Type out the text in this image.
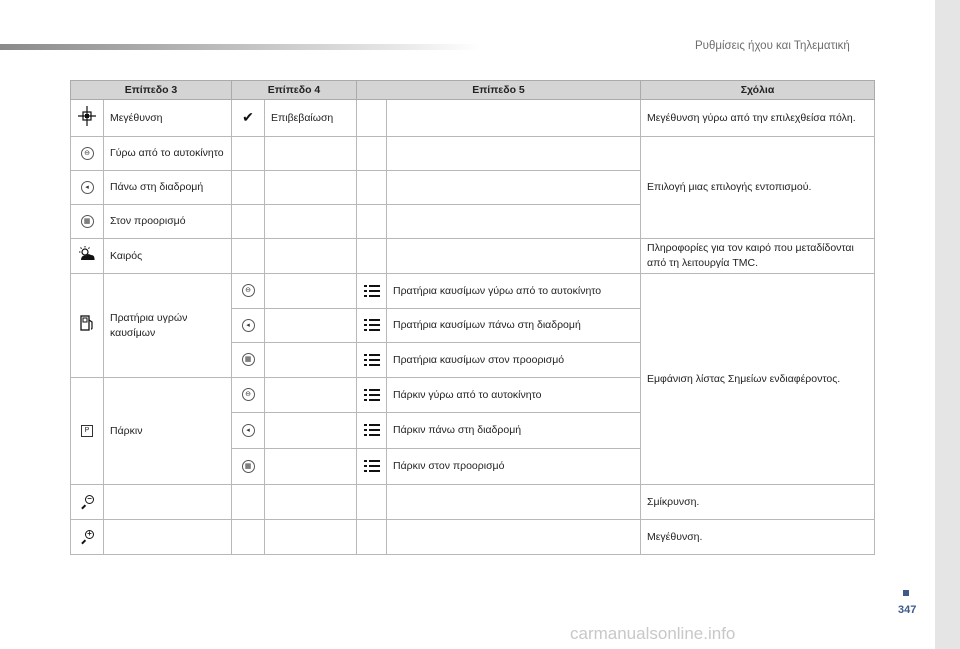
Ρυθμίσεις ήχου και Τηλεματική
Επίπεδο 3		Επίπεδο 4		Επίπεδο 5		Σχόλια
	Μεγέθυνση	✔	Επιβεβαίωση			Μεγέθυνση γύρω από την επιλεχθείσα πόλη.
⊖	Γύρω από το αυτοκίνητο					Επιλογή μιας επιλογής εντοπισμού.
◂	Πάνω στη διαδρομή					
▦	Στον προορισμό					
	Καιρός					Πληροφορίες για τον καιρό που μεταδίδονται από τη λειτουργία TMC.
	Πρατήρια υγρών καυσίμων	⊖			Πρατήρια καυσίμων γύρω από το αυτοκίνητο	Εμφάνιση λίστας Σημείων ενδιαφέροντος.
		◂			Πρατήρια καυσίμων πάνω στη διαδρομή	
		▦			Πρατήρια καυσίμων στον προορισμό	
P	Πάρκιν	⊖			Πάρκιν γύρω από το αυτοκίνητο	
		◂			Πάρκιν πάνω στη διαδρομή	
		▦			Πάρκιν στον προορισμό	

−						Σμίκρυνση.

+						Μεγέθυνση.
347
carmanualsonline.info
